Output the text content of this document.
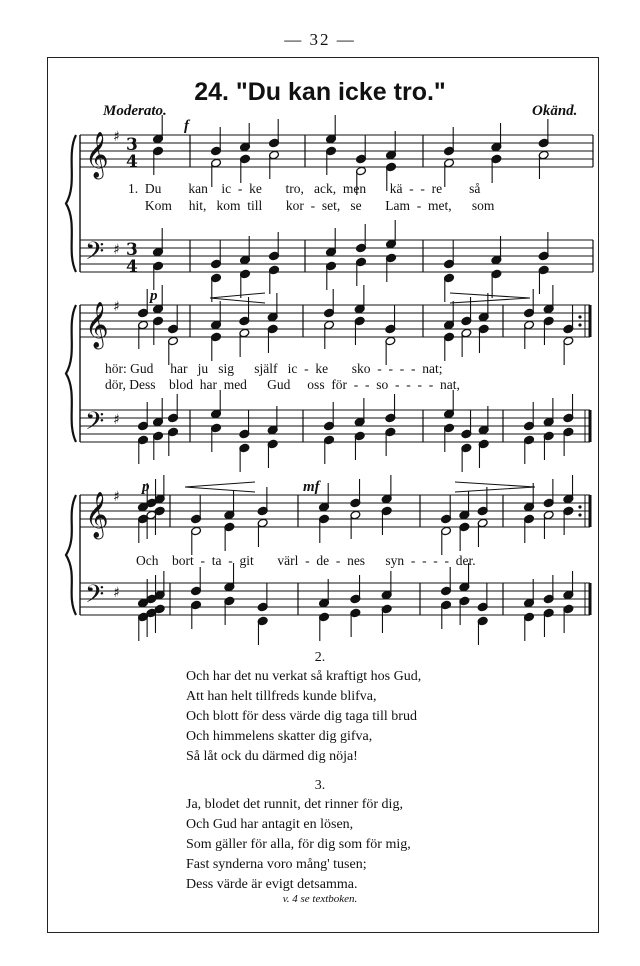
— 32 —
24. "Du kan icke tro."
Moderato.	Okänd.
f
p
p	mf
𝄞
𝄢
♯
♯
3
4
3
4
𝄞
𝄢
♯
♯
𝄞
𝄢
♯
♯
1.  Du        kan    ic  -  ke       tro,   ack,  men       kä  -  -  re        så
Kom     hit,   kom  till       kor  -  set,   se       Lam  -  met,      som
hör: Gud     har   ju   sig      själf   ic  -  ke       sko  -  -  -  -  nat;
dör, Dess    blod  har  med      Gud     oss  för  -  -  so  -  -  -  -  nat,
Och    bort  -  ta  -  git       värl  -  de  -  nes      syn  -  -  -  -  der.
2.
Och har det nu verkat så kraftigt hos Gud,
Att han helt tillfreds kunde blifva,
Och blott för dess värde dig taga till brud
Och himmelens skatter dig gifva,
Så låt ock du därmed dig nöja!
3.
Ja, blodet det runnit, det rinner för dig,
Och Gud har antagit en lösen,
Som gäller för alla, för dig som för mig,
Fast synderna voro mång' tusen;
Dess värde är evigt detsamma.
v. 4 se textboken.
